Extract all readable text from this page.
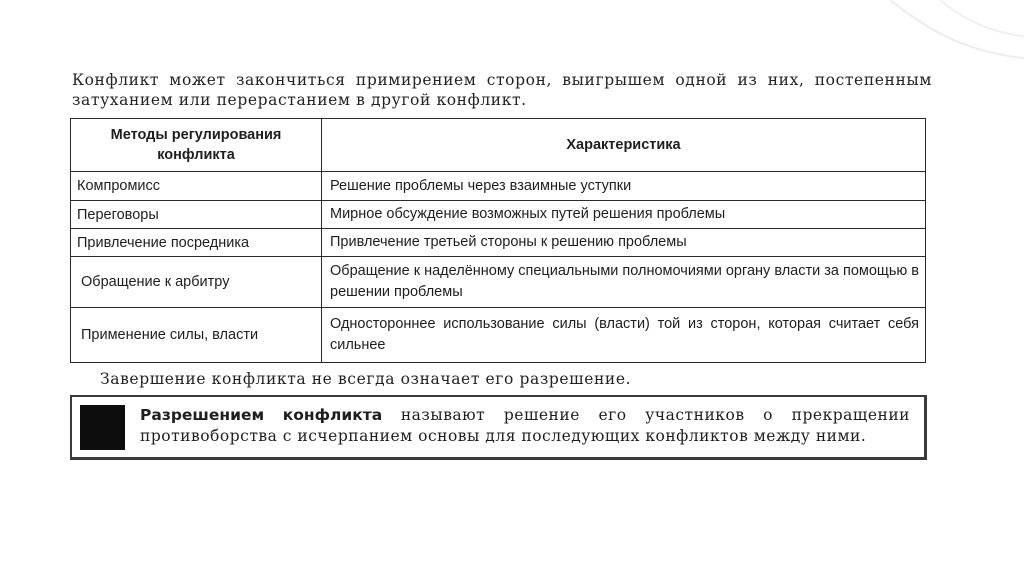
Конфликт может закончиться примирением сторон, выигрышем одной из них, постепенным затуханием или перерастанием в другой конфликт.

Методы регулирования конфликта	Характеристика
Компромисс	Решение проблемы через взаимные уступки
Переговоры	Мирное обсуждение возможных путей решения проблемы
Привлечение посредника	Привлечение третьей стороны к решению проблемы
Обращение к арбитру	Обращение к наделённому специальными полномочиями органу власти за помощью в решении проблемы
Применение силы, власти	Одностороннее использование силы (власти) той из сторон, которая считает себя сильнее

Завершение конфликта не всегда означает его разрешение.

Разрешением конфликта называют решение его участников о прекращении противоборства с исчерпанием основы для последующих конфликтов между ними.
